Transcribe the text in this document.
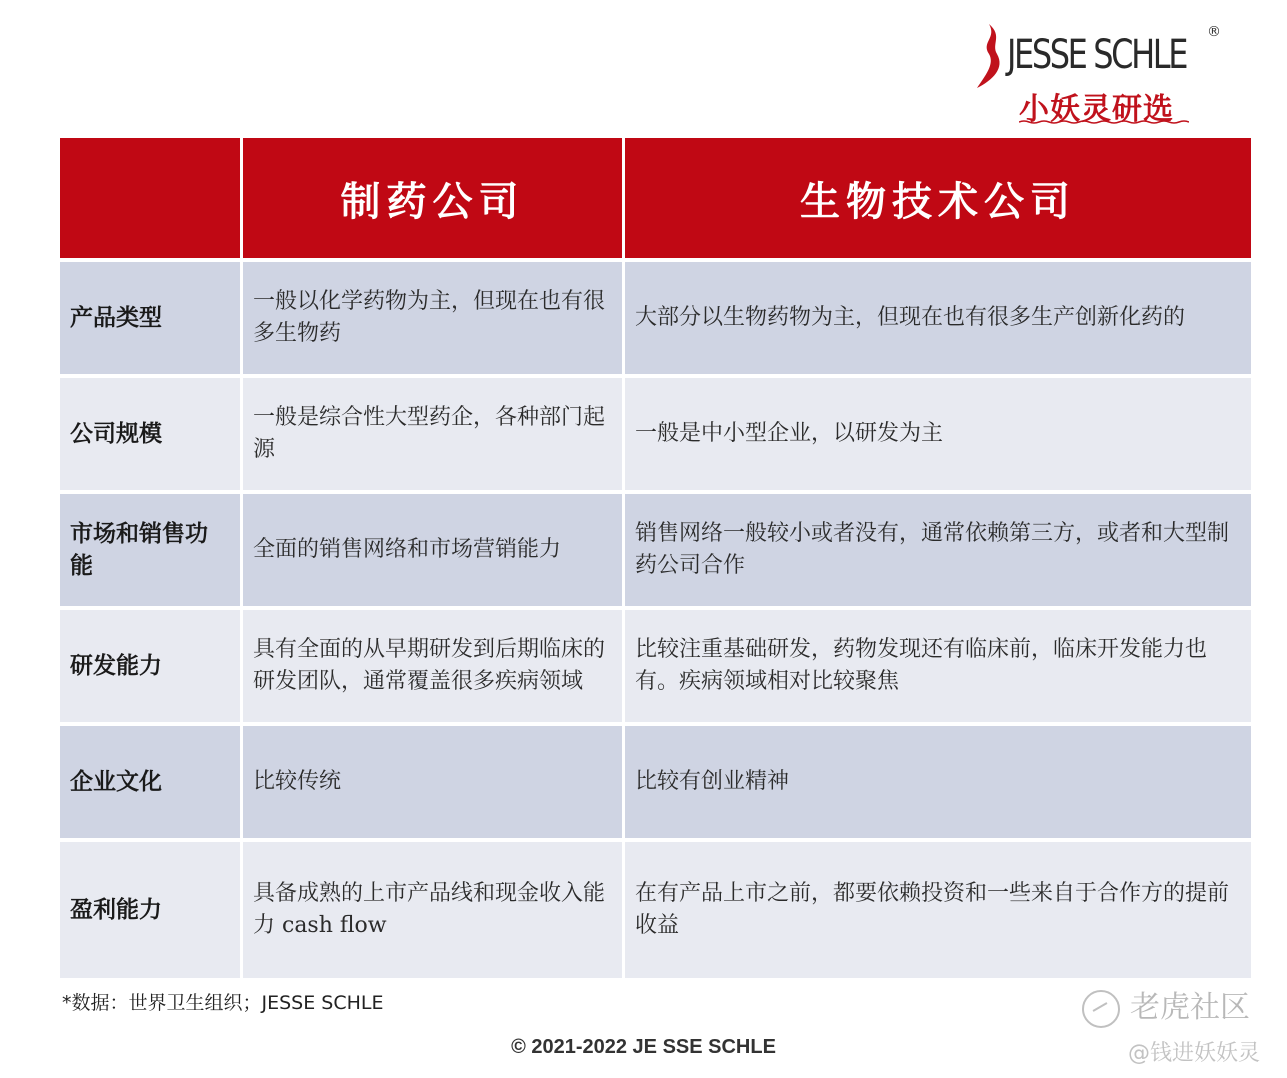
JESSE SCHLE ®
小妖灵研选
	制药公司	生物技术公司
产品类型	一般以化学药物为主，但现在也有很多生物药	大部分以生物药物为主，但现在也有很多生产创新化药的
公司规模	一般是综合性大型药企，各种部门起源	一般是中小型企业，以研发为主
市场和销售功能	全面的销售网络和市场营销能力	销售网络一般较小或者没有，通常依赖第三方，或者和大型制药公司合作
研发能力	具有全面的从早期研发到后期临床的研发团队，通常覆盖很多疾病领域	比较注重基础研发，药物发现还有临床前，临床开发能力也有。疾病领域相对比较聚焦
企业文化	比较传统	比较有创业精神
盈利能力	具备成熟的上市产品线和现金收入能力 cash flow	在有产品上市之前，都要依赖投资和一些来自于合作方的提前收益
*数据：世界卫生组织；JESSE SCHLE
© 2021-2022 JE SSE SCHLE
老虎社区
@钱进妖妖灵
